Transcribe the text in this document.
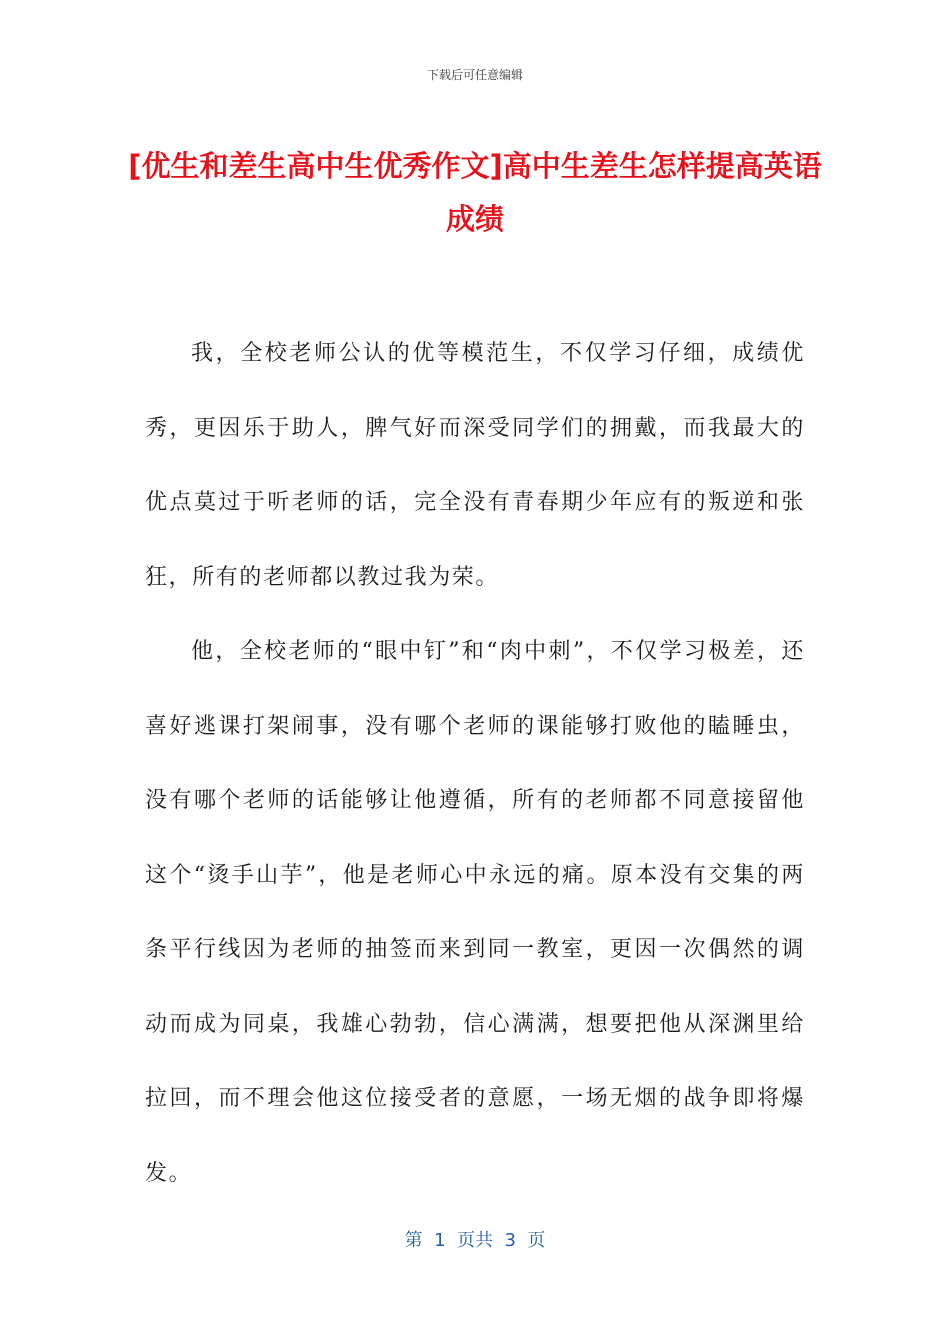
下载后可任意编辑
[优生和差生高中生优秀作文]高中生差生怎样提高英语成绩

我，全校老师公认的优等模范生，不仅学习仔细，成绩优秀，更因乐于助人，脾气好而深受同学们的拥戴，而我最大的优点莫过于听老师的话，完全没有青春期少年应有的叛逆和张狂，所有的老师都以教过我为荣。

他，全校老师的“眼中钉”和“肉中刺”，不仅学习极差，还喜好逃课打架闹事，没有哪个老师的课能够打败他的瞌睡虫，没有哪个老师的话能够让他遵循，所有的老师都不同意接留他这个“烫手山芋”，他是老师心中永远的痛。原本没有交集的两条平行线因为老师的抽签而来到同一教室，更因一次偶然的调动而成为同桌，我雄心勃勃，信心满满，想要把他从深渊里给拉回，而不理会他这位接受者的意愿，一场无烟的战争即将爆发。

第  1  页共  3  页
